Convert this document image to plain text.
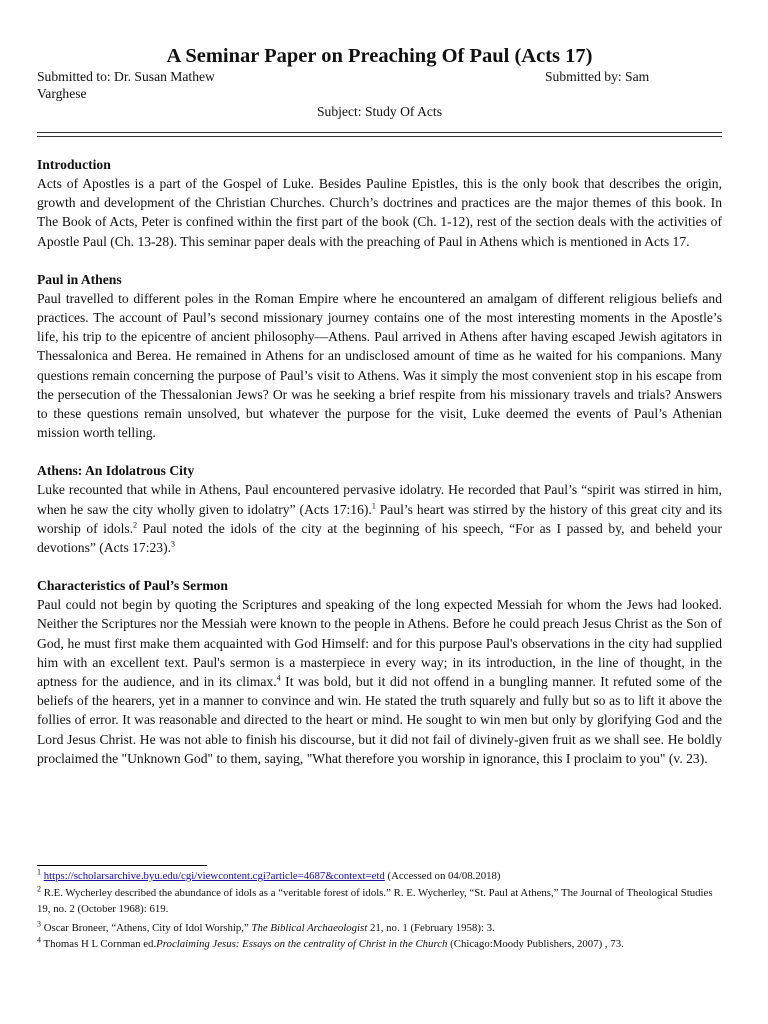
A Seminar Paper on Preaching Of Paul (Acts 17)
Submitted to: Dr. Susan Mathew	Submitted by: Sam
Varghese
Subject: Study Of Acts
Introduction

Acts of Apostles is a part of the Gospel of Luke. Besides Pauline Epistles, this is the only book that describes the origin, growth and development of the Christian Churches. Church’s doctrines and practices are the major themes of this book. In The Book of Acts, Peter is confined within the first part of the book (Ch. 1-12), rest of the section deals with the activities of Apostle Paul (Ch. 13-28). This seminar paper deals with the preaching of Paul in Athens which is mentioned in Acts 17.

Paul in Athens

Paul travelled to different poles in the Roman Empire where he encountered an amalgam of different religious beliefs and practices. The account of Paul’s second missionary journey contains one of the most interesting moments in the Apostle’s life, his trip to the epicentre of ancient philosophy—Athens. Paul arrived in Athens after having escaped Jewish agitators in Thessalonica and Berea. He remained in Athens for an undisclosed amount of time as he waited for his companions. Many questions remain concerning the purpose of Paul’s visit to Athens. Was it simply the most convenient stop in his escape from the persecution of the Thessalonian Jews? Or was he seeking a brief respite from his missionary travels and trials? Answers to these questions remain unsolved, but whatever the purpose for the visit, Luke deemed the events of Paul’s Athenian mission worth telling.

Athens: An Idolatrous City

Luke recounted that while in Athens, Paul encountered pervasive idolatry. He recorded that Paul’s “spirit was stirred in him, when he saw the city wholly given to idolatry” (Acts 17:16).$^1$ Paul’s heart was stirred by the history of this great city and its worship of idols.$^2$ Paul noted the idols of the city at the beginning of his speech, “For as I passed by, and beheld your devotions” (Acts 17:23).$^3$

Characteristics of Paul’s Sermon

Paul could not begin by quoting the Scriptures and speaking of the long expected Messiah for whom the Jews had looked. Neither the Scriptures nor the Messiah were known to the people in Athens. Before he could preach Jesus Christ as the Son of God, he must first make them acquainted with God Himself: and for this purpose Paul's observations in the city had supplied him with an excellent text. Paul's sermon is a masterpiece in every way; in its introduction, in the line of thought, in the aptness for the audience, and in its climax.$^4$ It was bold, but it did not offend in a bungling manner. It refuted some of the beliefs of the hearers, yet in a manner to convince and win. He stated the truth squarely and fully but so as to lift it above the follies of error. It was reasonable and directed to the heart or mind. He sought to win men but only by glorifying God and the Lord Jesus Christ. He was not able to finish his discourse, but it did not fail of divinely-given fruit as we shall see. He boldly proclaimed the "Unknown God" to them, saying, "What therefore you worship in ignorance, this I proclaim to you" (v. 23).

$^1$ https://scholarsarchive.byu.edu/cgi/viewcontent.cgi?article=4687&context=etd (Accessed on 04/08.2018)

$^2$ R.E. Wycherley described the abundance of idols as a “veritable forest of idols.” R. E. Wycherley, “St. Paul at Athens,” The Journal of Theological Studies 19, no. 2 (October 1968): 619.

$^3$ Oscar Broneer, “Athens, City of Idol Worship,” The Biblical Archaeologist 21, no. 1 (February 1958): 3.

$^4$ Thomas H L Cornman ed.Proclaiming Jesus: Essays on the centrality of Christ in the Church (Chicago:Moody Publishers, 2007) , 73.
